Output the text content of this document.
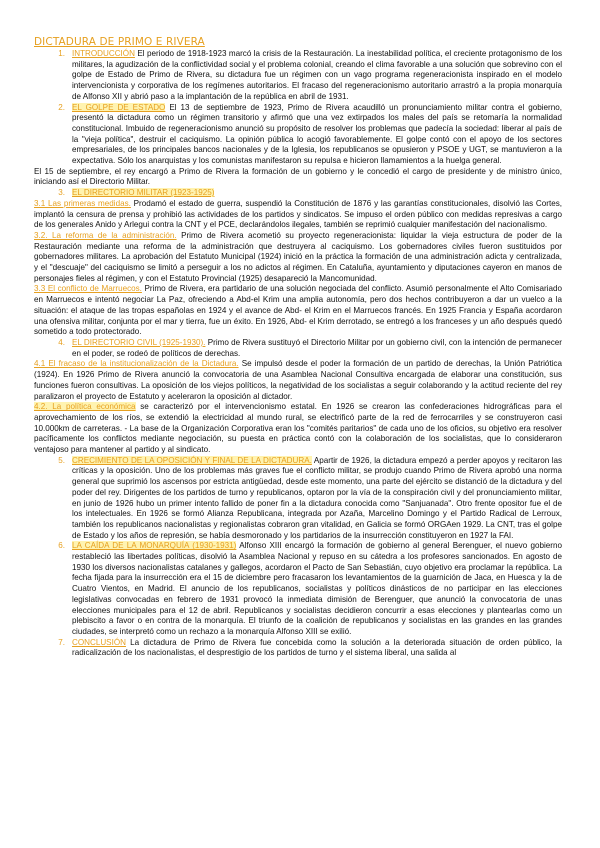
DICTADURA DE PRIMO E RIVERA
1. INTRODUCCIÓN El periodo de 1918-1923 marcó la crisis de la Restauración. La inestabilidad política, el creciente protagonismo de los militares, la agudización de la conflictividad social y el problema colonial, creando el clima favorable a una solución que sobrevino con el golpe de Estado de Primo de Rivera, su dictadura fue un régimen con un vago programa regeneracionista inspirado en el modelo intervencionista y corporativa de los regímenes autoritarios. El fracaso del regeneracionismo autoritario arrastró a la propia monarquía de Alfonso XII y abrió paso a la implantación de la república en abril de 1931.
2. EL GOLPE DE ESTADO El 13 de septiembre de 1923, Primo de Rivera acaudilló un pronunciamiento militar contra el gobierno, presentó la dictadura como un régimen transitorio y afirmó que una vez extirpados los males del país se retomaría la normalidad constitucional. Imbuido de regeneracionismo anunció su propósito de resolver los problemas que padecía la sociedad: liberar al país de la "vieja política", destruir el caciquismo. La opinión pública lo acogió favorablemente. El golpe contó con el apoyo de los sectores empresariales, de los principales bancos nacionales y de la Iglesia, los republicanos se opusieron y PSOE y UGT, se mantuvieron a la expectativa. Sólo los anarquistas y los comunistas manifestaron su repulsa e hicieron llamamientos a la huelga general.

El 15 de septiembre, el rey encargó a Primo de Rivera la formación de un gobierno y le concedió el cargo de presidente y de ministro único, iniciando así el Directorio Militar.

3. EL DIRECTORIO MILITAR (1923-1925)

3.1 Las primeras medidas. Prodamó el estado de guerra, suspendió la Constitución de 1876 y las garantías constitucionales, disolvió las Cortes, implantó la censura de prensa y prohibió las actividades de los partidos y sindicatos. Se impuso el orden público con medidas represivas a cargo de los generales Anido y Arlegui contra la CNT y el PCE, declarándolos ilegales, también se reprimió cualquier manifestación del nacionalismo.

3.2. La reforma de la administración. Primo de Rivera acometió su proyecto regeneracionista: liquidar la vieja estructura de poder de la Restauración mediante una reforma de la administración que destruyera al caciquismo. Los gobernadores civiles fueron sustituidos por gobernadores militares. La aprobación del Estatuto Municipal (1924) inició en la práctica la formación de una administración adicta y centralizada, y el "descuaje" del caciquismo se limitó a perseguir a los no adictos al régimen. En Cataluña, ayuntamiento y diputaciones cayeron en manos de personajes fieles al régimen, y con el Estatuto Provincial (1925) desapareció la Mancomunidad.

3.3 El conflicto de Marruecos. Primo de Rivera, era partidario de una solución negociada del conflicto. Asumió personalmente el Alto Comisariado en Marruecos e intentó negociar La Paz, ofreciendo a Abd-el Krim una amplia autonomía, pero dos hechos contribuyeron a dar un vuelco a la situación: el ataque de las tropas españolas en 1924 y el avance de Abd- el Krim en el Marruecos francés. En 1925 Francia y España acordaron una ofensiva militar, conjunta por el mar y tierra, fue un éxito. En 1926, Abd- el Krim derrotado, se entregó a los franceses y un año después quedó sometido a todo protectorado.

4. EL DIRECTORIO CIVIL (1925-1930). Primo de Rivera sustituyó el Directorio Militar por un gobierno civil, con la intención de permanecer en el poder, se rodeó de políticos de derechas.

4.1 El fracaso de la institucionalización de la Dictadura. Se impulsó desde el poder la formación de un partido de derechas, la Unión Patriótica (1924). En 1926 Primo de Rivera anunció la convocatoria de una Asamblea Nacional Consultiva encargada de elaborar una constitución, sus funciones fueron consultivas. La oposición de los viejos políticos, la negatividad de los socialistas a seguir colaborando y la actitud reciente del rey paralizaron el proyecto de Estatuto y aceleraron la oposición al dictador.

4.2. La política económica se caracterizó por el intervencionismo estatal. En 1926 se crearon las confederaciones hidrográficas para el aprovechamiento de los ríos, se extendió la electricidad al mundo rural, se electrificó parte de la red de ferrocarriles y se construyeron casi 10.000km de carreteras. - La base de la Organización Corporativa eran los "comités paritarios" de cada uno de los oficios, su objetivo era resolver pacíficamente los conflictos mediante negociación, su puesta en práctica contó con la colaboración de los socialistas, que lo consideraron ventajoso para mantener al partido y al sindicato.

5. CRECIMIENTO DE LA OPOSICIÓN Y FINAL DE LA DICTADURA. Apartir de 1926, la dictadura empezó a perder apoyos y recitaron las críticas y la oposición. Uno de los problemas más graves fue el conflicto militar, se produjo cuando Primo de Rivera aprobó una norma general que suprimió los ascensos por estricta antigüedad, desde este momento, una parte del ejército se distanció de la dictadura y del poder del rey. Dirigentes de los partidos de turno y republicanos, optaron por la vía de la conspiración civil y del pronunciamiento militar, en junio de 1926 hubo un primer intento fallido de poner fin a la dictadura conocida como "Sanjuanada". Otro frente opositor fue el de los intelectuales. En 1926 se formó Alianza Republicana, integrada por Azaña, Marcelino Domingo y el Partido Radical de Lerroux, también los republicanos nacionalistas y regionalistas cobraron gran vitalidad, en Galicia se formó ORGAen 1929. La CNT, tras el golpe de Estado y los años de represión, se había desmoronado y los partidarios de la insurrección constituyeron en 1927 la FAI.
6. LA CAÍDA DE LA MONARQUÍA (1930-1931) Alfonso XIII encargó la formación de gobierno al general Berenguer, el nuevo gobierno restableció las libertades políticas, disolvió la Asamblea Nacional y repuso en su cátedra a los profesores sancionados. En agosto de 1930 los diversos nacionalistas catalanes y gallegos, acordaron el Pacto de San Sebastián, cuyo objetivo era proclamar la república. La fecha fijada para la insurrección era el 15 de diciembre pero fracasaron los levantamientos de la guarnición de Jaca, en Huesca y la de Cuatro Vientos, en Madrid. El anuncio de los republicanos, socialistas y políticos dinásticos de no participar en las elecciones legislativas convocadas en febrero de 1931 provocó la inmediata dimisión de Berenguer, que anunció la convocatoria de unas elecciones municipales para el 12 de abril. Republicanos y socialistas decidieron concurrir a esas elecciones y plantearlas como un plebiscito a favor o en contra de la monarquía. El triunfo de la coalición de republicanos y socialistas en las grandes en las grandes ciudades, se interpretó como un rechazo a la monarquía Alfonso XIII se exilió.
7. CONCLUSIÓN La dictadura de Primo de Rivera fue concebida como la solución a la deteriorada situación de orden público, la radicalización de los nacionalistas, el desprestigio de los partidos de turno y el sistema liberal, una salida al
